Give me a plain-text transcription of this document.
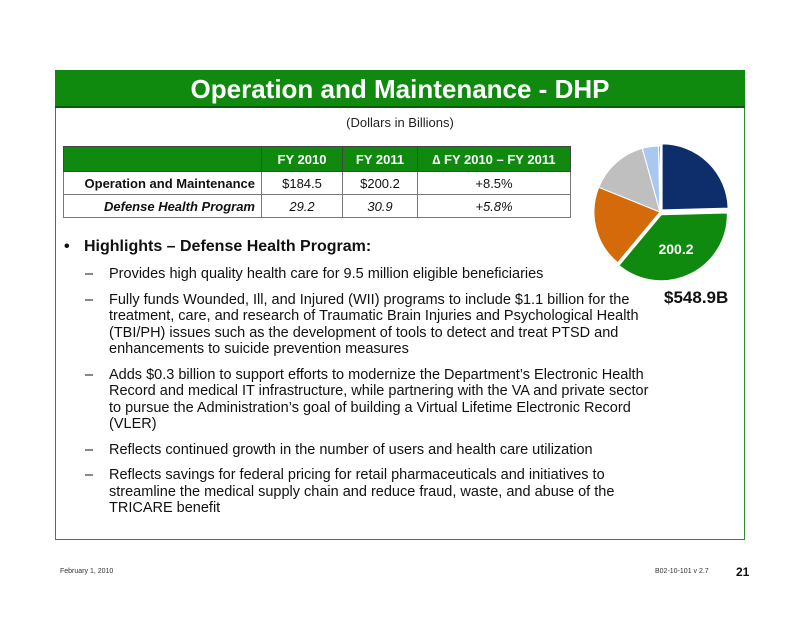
Operation and Maintenance - DHP
(Dollars in Billions)
	FY 2010	FY 2011	∆ FY 2010 – FY 2011
Operation and Maintenance	$184.5	$200.2	+8.5%
Defense Health Program	29.2	30.9	+5.8%
• Highlights – Defense Health Program:
– Provides high quality health care for 9.5 million eligible beneficiaries
– Fully funds Wounded, Ill, and Injured (WII) programs to include $1.1 billion for the treatment, care, and research of Traumatic Brain Injuries and Psychological Health (TBI/PH) issues such as the development of tools to detect and treat PTSD and enhancements to suicide prevention measures
– Adds $0.3 billion to support efforts to modernize the Department’s Electronic Health Record and medical IT infrastructure, while partnering with the VA and private sector to pursue the Administration’s goal of building a Virtual Lifetime Electronic Record (VLER)
– Reflects continued growth in the number of users and health care utilization
– Reflects savings for federal pricing for retail pharmaceuticals and initiatives to streamline the medical supply chain and reduce fraud, waste, and abuse of the TRICARE benefit
200.2
$548.9B
February 1, 2010	B02-10-101 v 2.7 21
